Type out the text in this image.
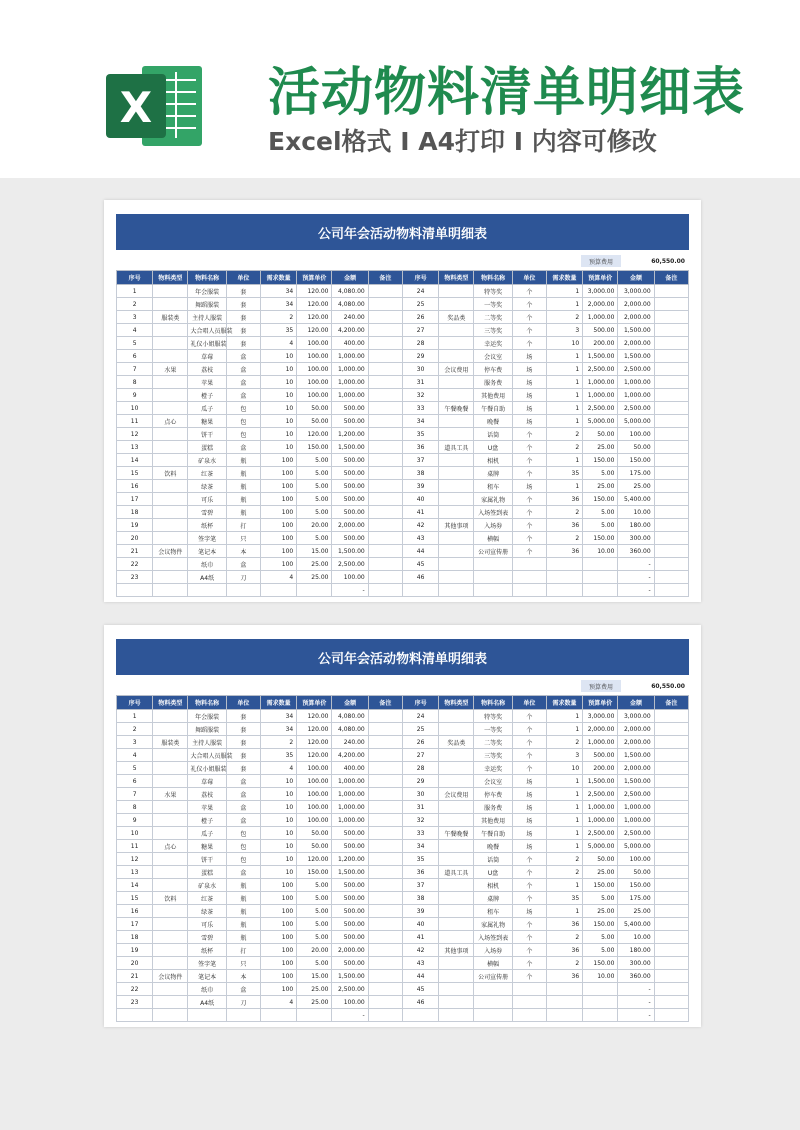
X 活动物料清单明细表
Excel格式 I A4打印 I 内容可修改
公司年会活动物料清单明细表
预算费用	60,550.00
序号	物料类型	物料名称	单位	需求数量	预算单价	金额	备注	序号	物料类型	物料名称	单位	需求数量	预算单价	金额	备注
1		年会服装	套	34	120.00	4,080.00		24		特等奖	个	1	3,000.00	3,000.00	
2		舞蹈服装	套	34	120.00	4,080.00		25		一等奖	个	1	2,000.00	2,000.00	
3	服装类	主持人服装	套	2	120.00	240.00		26	奖品类	二等奖	个	2	1,000.00	2,000.00	
4		大合唱人员服装	套	35	120.00	4,200.00		27		三等奖	个	3	500.00	1,500.00	
5		礼仪小姐服装	套	4	100.00	400.00		28		幸运奖	个	10	200.00	2,000.00	
6		草莓	盒	10	100.00	1,000.00		29		会议室	场	1	1,500.00	1,500.00	
7	水果	荔枝	盒	10	100.00	1,000.00		30	会议费用	停车费	场	1	2,500.00	2,500.00	
8		苹果	盒	10	100.00	1,000.00		31		服务费	场	1	1,000.00	1,000.00	
9		橙子	盒	10	100.00	1,000.00		32		其他费用	场	1	1,000.00	1,000.00	
10		瓜子	包	10	50.00	500.00		33	午餐晚餐	午餐自助	场	1	2,500.00	2,500.00	
11	点心	糖果	包	10	50.00	500.00		34		晚餐	场	1	5,000.00	5,000.00	
12		饼干	包	10	120.00	1,200.00		35		话筒	个	2	50.00	100.00	
13		蛋糕	盒	10	150.00	1,500.00		36	道具工具	U盘	个	2	25.00	50.00	
14		矿泉水	瓶	100	5.00	500.00		37		相机	个	1	150.00	150.00	
15	饮料	红茶	瓶	100	5.00	500.00		38		桌牌	个	35	5.00	175.00	
16		绿茶	瓶	100	5.00	500.00		39		租车	场	1	25.00	25.00	
17		可乐	瓶	100	5.00	500.00		40		家属礼物	个	36	150.00	5,400.00	
18		雪碧	瓶	100	5.00	500.00		41		入场签到表	个	2	5.00	10.00	
19		纸杯	打	100	20.00	2,000.00		42	其他事项	入场券	个	36	5.00	180.00	
20		签字笔	只	100	5.00	500.00		43		横幅	个	2	150.00	300.00	
21	会议物件	笔记本	本	100	15.00	1,500.00		44		公司宣传册	个	36	10.00	360.00	
22		纸巾	盒	100	25.00	2,500.00		45						-	
23		A4纸	刀	4	25.00	100.00		46						-	
						-								-	
公司年会活动物料清单明细表
预算费用	60,550.00
序号	物料类型	物料名称	单位	需求数量	预算单价	金额	备注	序号	物料类型	物料名称	单位	需求数量	预算单价	金额	备注
1		年会服装	套	34	120.00	4,080.00		24		特等奖	个	1	3,000.00	3,000.00	
2		舞蹈服装	套	34	120.00	4,080.00		25		一等奖	个	1	2,000.00	2,000.00	
3	服装类	主持人服装	套	2	120.00	240.00		26	奖品类	二等奖	个	2	1,000.00	2,000.00	
4		大合唱人员服装	套	35	120.00	4,200.00		27		三等奖	个	3	500.00	1,500.00	
5		礼仪小姐服装	套	4	100.00	400.00		28		幸运奖	个	10	200.00	2,000.00	
6		草莓	盒	10	100.00	1,000.00		29		会议室	场	1	1,500.00	1,500.00	
7	水果	荔枝	盒	10	100.00	1,000.00		30	会议费用	停车费	场	1	2,500.00	2,500.00	
8		苹果	盒	10	100.00	1,000.00		31		服务费	场	1	1,000.00	1,000.00	
9		橙子	盒	10	100.00	1,000.00		32		其他费用	场	1	1,000.00	1,000.00	
10		瓜子	包	10	50.00	500.00		33	午餐晚餐	午餐自助	场	1	2,500.00	2,500.00	
11	点心	糖果	包	10	50.00	500.00		34		晚餐	场	1	5,000.00	5,000.00	
12		饼干	包	10	120.00	1,200.00		35		话筒	个	2	50.00	100.00	
13		蛋糕	盒	10	150.00	1,500.00		36	道具工具	U盘	个	2	25.00	50.00	
14		矿泉水	瓶	100	5.00	500.00		37		相机	个	1	150.00	150.00	
15	饮料	红茶	瓶	100	5.00	500.00		38		桌牌	个	35	5.00	175.00	
16		绿茶	瓶	100	5.00	500.00		39		租车	场	1	25.00	25.00	
17		可乐	瓶	100	5.00	500.00		40		家属礼物	个	36	150.00	5,400.00	
18		雪碧	瓶	100	5.00	500.00		41		入场签到表	个	2	5.00	10.00	
19		纸杯	打	100	20.00	2,000.00		42	其他事项	入场券	个	36	5.00	180.00	
20		签字笔	只	100	5.00	500.00		43		横幅	个	2	150.00	300.00	
21	会议物件	笔记本	本	100	15.00	1,500.00		44		公司宣传册	个	36	10.00	360.00	
22		纸巾	盒	100	25.00	2,500.00		45						-	
23		A4纸	刀	4	25.00	100.00		46						-	
						-								-	
